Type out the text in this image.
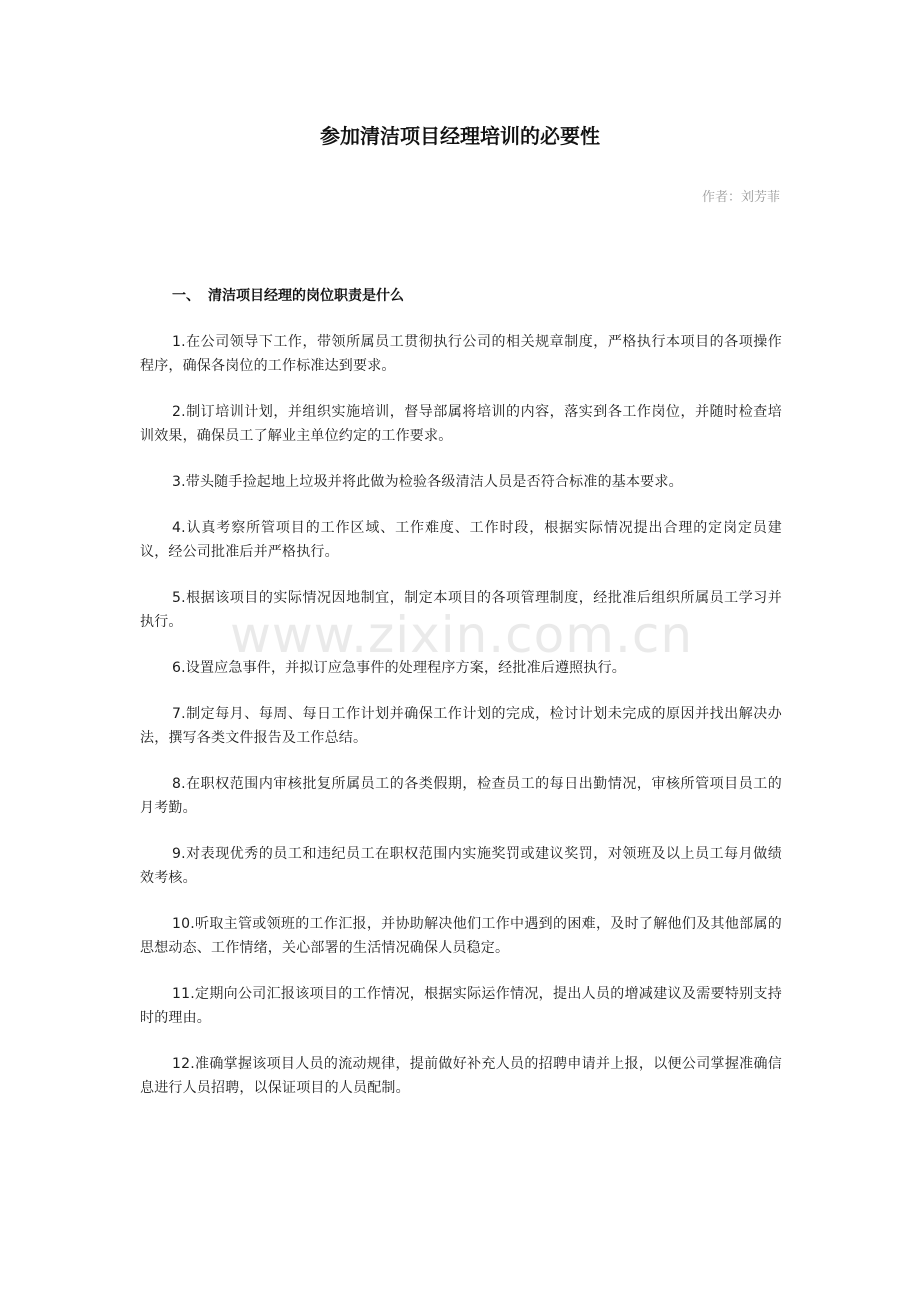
参加清洁项目经理培训的必要性
作者：刘芳菲
一、 清洁项目经理的岗位职责是什么
1.在公司领导下工作，带领所属员工贯彻执行公司的相关规章制度，严格执行本项目的各项操作程序，确保各岗位的工作标准达到要求。
2.制订培训计划，并组织实施培训，督导部属将培训的内容，落实到各工作岗位，并随时检查培训效果，确保员工了解业主单位约定的工作要求。
3.带头随手捡起地上垃圾并将此做为检验各级清洁人员是否符合标准的基本要求。
4.认真考察所管项目的工作区域、工作难度、工作时段，根据实际情况提出合理的定岗定员建议，经公司批准后并严格执行。
5.根据该项目的实际情况因地制宜，制定本项目的各项管理制度，经批准后组织所属员工学习并执行。
6.设置应急事件，并拟订应急事件的处理程序方案，经批准后遵照执行。
7.制定每月、每周、每日工作计划并确保工作计划的完成，检讨计划未完成的原因并找出解决办法，撰写各类文件报告及工作总结。
8.在职权范围内审核批复所属员工的各类假期，检查员工的每日出勤情况，审核所管项目员工的月考勤。
9.对表现优秀的员工和违纪员工在职权范围内实施奖罚或建议奖罚，对领班及以上员工每月做绩效考核。
10.听取主管或领班的工作汇报，并协助解决他们工作中遇到的困难，及时了解他们及其他部属的思想动态、工作情绪，关心部署的生活情况确保人员稳定。
11.定期向公司汇报该项目的工作情况，根据实际运作情况，提出人员的增减建议及需要特别支持时的理由。
12.准确掌握该项目人员的流动规律，提前做好补充人员的招聘申请并上报，以便公司掌握准确信息进行人员招聘，以保证项目的人员配制。
www.zixin.com.cn
